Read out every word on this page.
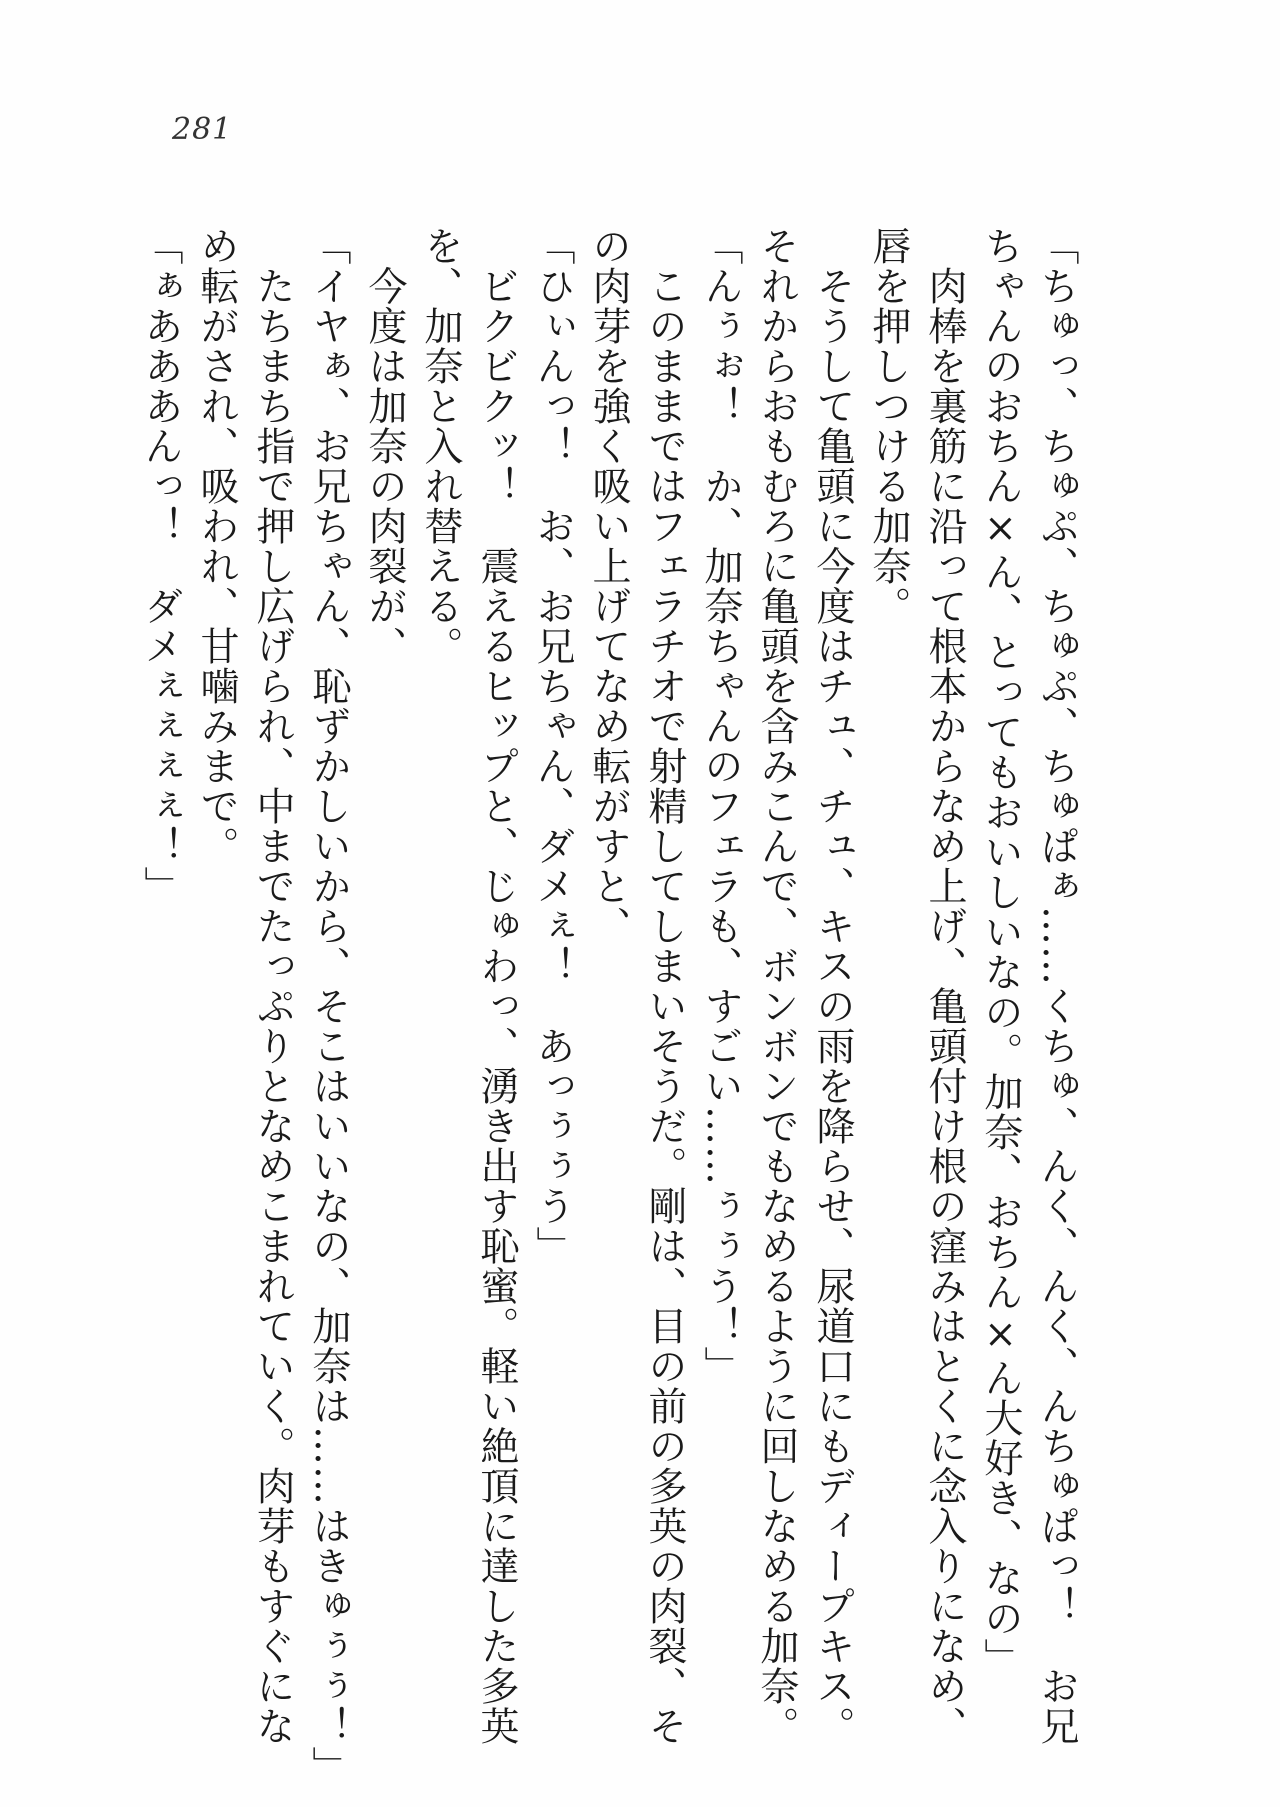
281
「ちゅっ、ちゅぷ、ちゅぷ、ちゅぱぁ……くちゅ、んく、んく、んちゅぱっ！　お兄
ちゃんのおちん×ん、とってもおいしいなの。加奈、おちん×ん大好き、なの」
　肉棒を裏筋に沿って根本からなめ上げ、亀頭付け根の窪みはとくに念入りになめ、
唇を押しつける加奈。
　そうして亀頭に今度はチュ、チュ、キスの雨を降らせ、尿道口にもディープキス。
それからおもむろに亀頭を含みこんで、ボンボンでもなめるように回しなめる加奈。
「んぅぉ！　か、加奈ちゃんのフェラも、すごい……ぅぅう！」
　このままではフェラチオで射精してしまいそうだ。剛は、目の前の多英の肉裂、そ
の肉芽を強く吸い上げてなめ転がすと、
「ひぃんっ！　お、お兄ちゃん、ダメぇ！　あっぅぅう」
　ビクビクッ！　震えるヒップと、じゅわっ、湧き出す恥蜜。軽い絶頂に達した多英
を、加奈と入れ替える。
　今度は加奈の肉裂が、
「イヤぁ、お兄ちゃん、恥ずかしいから、そこはいいなの、加奈は……はきゅぅぅ！」
　たちまち指で押し広げられ、中までたっぷりとなめこまれていく。肉芽もすぐにな
め転がされ、吸われ、甘噛みまで。
「ぁあああんっ！　ダメぇぇぇぇ！」
